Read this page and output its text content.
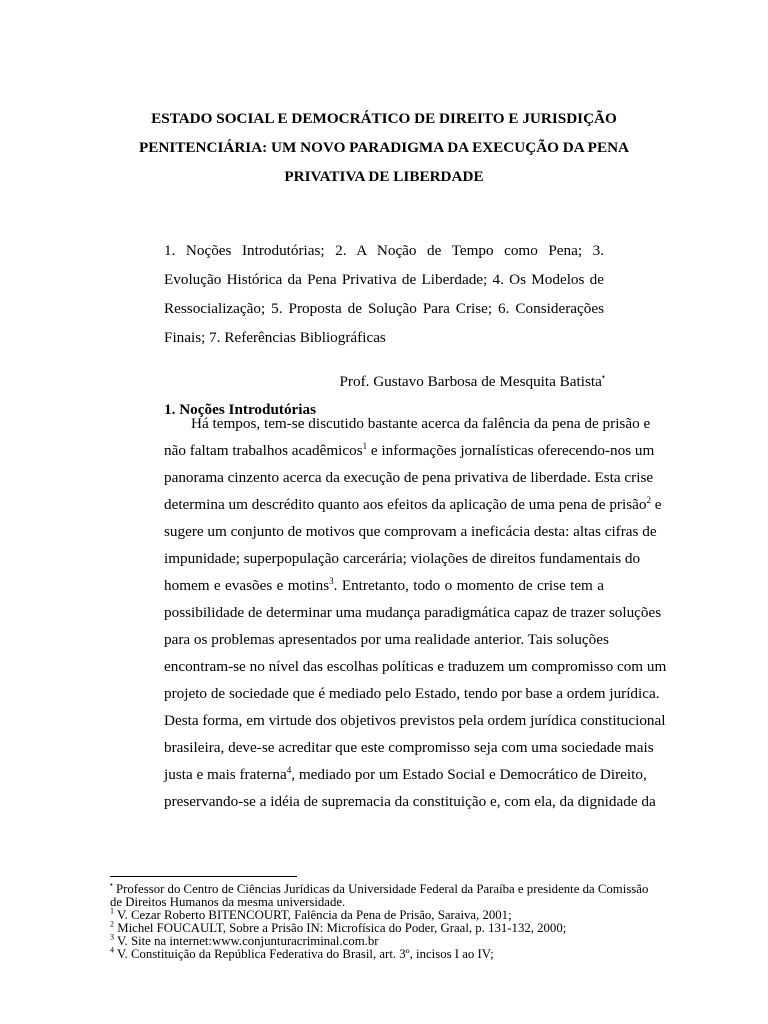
ESTADO SOCIAL E DEMOCRÁTICO DE DIREITO E JURISDIÇÃO
PENITENCIÁRIA: UM NOVO PARADIGMA DA EXECUÇÃO DA PENA
PRIVATIVA DE LIBERDADE
1. Noções Introdutórias; 2. A Noção de Tempo como Pena; 3.
Evolução Histórica da Pena Privativa de Liberdade; 4. Os Modelos de
Ressocialização; 5. Proposta de Solução Para Crise; 6. Considerações
Finais; 7. Referências Bibliográficas
Prof. Gustavo Barbosa de Mesquita Batista•
1. Noções Introdutórias
Há tempos, tem-se discutido bastante acerca da falência da pena de prisão e
não faltam trabalhos acadêmicos$^1$ e informações jornalísticas oferecendo-nos um
panorama cinzento acerca da execução de pena privativa de liberdade. Esta crise
determina um descrédito quanto aos efeitos da aplicação de uma pena de prisão$^2$ e
sugere um conjunto de motivos que comprovam a ineficácia desta: altas cifras de
impunidade; superpopulação carcerária; violações de direitos fundamentais do
homem e evasões e motins$^3$. Entretanto, todo o momento de crise tem a
possibilidade de determinar uma mudança paradigmática capaz de trazer soluções
para os problemas apresentados por uma realidade anterior. Tais soluções
encontram-se no nível das escolhas políticas e traduzem um compromisso com um
projeto de sociedade que é mediado pelo Estado, tendo por base a ordem jurídica.
Desta forma, em virtude dos objetivos previstos pela ordem jurídica constitucional
brasileira, deve-se acreditar que este compromisso seja com uma sociedade mais
justa e mais fraterna$^4$, mediado por um Estado Social e Democrático de Direito,
preservando-se a idéia de supremacia da constituição e, com ela, da dignidade da
• Professor do Centro de Ciências Jurídicas da Universidade Federal da Paraíba e presidente da Comissão
de Direitos Humanos da mesma universidade.
$^1$ V. Cezar Roberto BITENCOURT, Falência da Pena de Prisão, Saraiva, 2001;
$^2$ Michel FOUCAULT, Sobre a Prisão IN: Microfísica do Poder, Graal, p. 131-132, 2000;
$^3$ V. Site na internet:www.conjunturacriminal.com.br
$^4$ V. Constituição da República Federativa do Brasil, art. 3º, incisos I ao IV;
